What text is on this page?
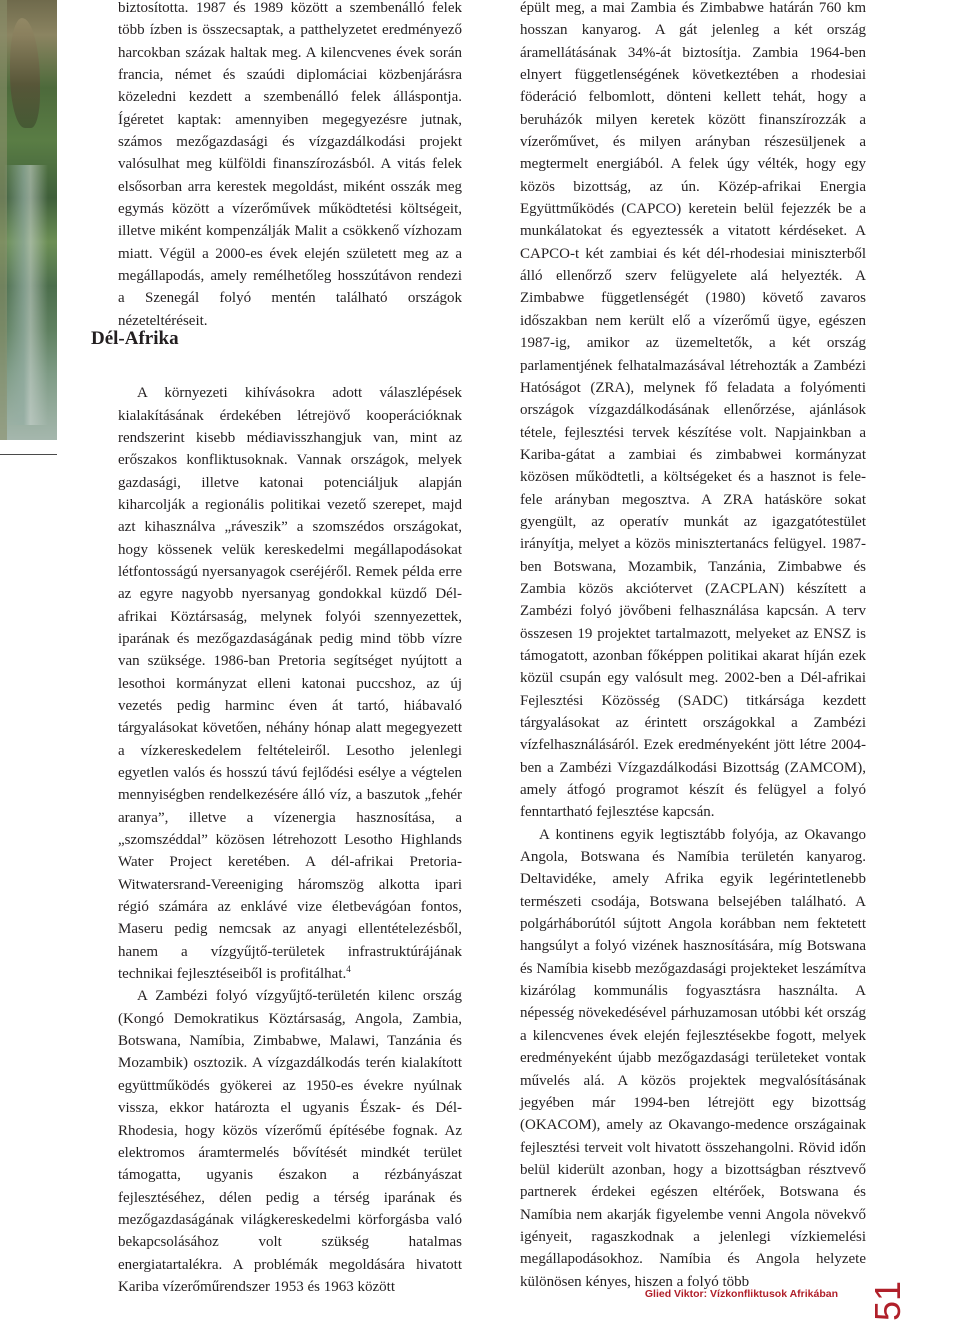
biztosította. 1987 és 1989 között a szembenálló felek több ízben is összecsaptak, a patthelyzetet eredményező harcokban százak haltak meg. A kilencvenes évek során francia, német és szaúdi diplomáciai közbenjárásra közeledni kezdett a szembenálló felek álláspontja. Ígéretet kaptak: amennyiben megegyezésre jutnak, számos mezőgazdasági és vízgazdálkodási projekt valósulhat meg külföldi finanszírozásból. A vitás felek elsősorban arra kerestek megoldást, miként osszák meg egymás között a vízerőművek működtetési költségeit, illetve miként kompenzálják Malit a csökkenő vízhozam miatt. Végül a 2000-es évek elején született meg az a megállapodás, amely remélhetőleg hosszútávon rendezi a Szenegál folyó mentén található országok nézeteltéréseit.

A környezeti kihívásokra adott válaszlépések kialakításának érdekében létrejövő kooperációknak rendszerint kisebb médiavisszhangjuk van, mint az erőszakos konfliktusoknak. Vannak országok, melyek gazdasági, illetve katonai potenciáljuk alapján kiharcolják a regionális politikai vezető szerepet, majd azt kihasználva „ráveszik” a szomszédos országokat, hogy kössenek velük kereskedelmi megállapodásokat létfontosságú nyersanyagok cseréjéről. Remek példa erre az egyre nagyobb nyersanyag gondokkal küzdő Dél-afrikai Köztársaság, melynek folyói szennyezettek, iparának és mezőgazdaságának pedig mind több vízre van szüksége. 1986-ban Pretoria segítséget nyújtott a lesothoi kormányzat elleni katonai puccshoz, az új vezetés pedig harminc éven át tartó, hiábavaló tárgyalásokat követően, néhány hónap alatt megegyezett a vízkereskedelem feltételeiről. Lesotho jelenlegi egyetlen valós és hosszú távú fejlődési esélye a végtelen mennyiségben rendelkezésére álló víz, a baszutok „fehér aranya”, illetve a vízenergia hasznosítása, a „szomszéddal” közösen létrehozott Lesotho Highlands Water Project keretében. A dél-afrikai Pretoria-Witwatersrand-Vereeniging háromszög alkotta ipari régió számára az enklávé vize életbevágóan fontos, Maseru pedig nemcsak az anyagi ellentételezésből, hanem a vízgyűjtő-területek infrastruktúrájának technikai fejlesztéseiből is profitálhat.$^4$

A Zambézi folyó vízgyűjtő-területén kilenc ország (Kongó Demokratikus Köztársaság, Angola, Zambia, Botswana, Namíbia, Zimbabwe, Malawi, Tanzánia és Mozambik) osztozik. A vízgazdálkodás terén kialakított együttműködés gyökerei az 1950-es évekre nyúlnak vissza, ekkor határozta el ugyanis Észak- és Dél-Rhodesia, hogy közös vízerőmű építésébe fognak. Az elektromos áramtermelés bővítését mindkét terület támogatta, ugyanis északon a rézbányászat fejlesztéséhez, délen pedig a térség iparának és mezőgazdaságának világkereskedelmi körforgásba való bekapcsolásához volt szükség hatalmas energiatartalékra. A problémák megoldására hivatott Kariba vízerőműrendszer 1953 és 1963 között

Dél-Afrika

épült meg, a mai Zambia és Zimbabwe határán 760 km hosszan kanyarog. A gát jelenleg a két ország áramellátásának 34%-át biztosítja. Zambia 1964-ben elnyert függetlenségének következtében a rhodesiai föderáció felbomlott, dönteni kellett tehát, hogy a beruházók milyen keretek között finanszírozzák a vízerőművet, és milyen arányban részesüljenek a megtermelt energiából. A felek úgy vélték, hogy egy közös bizottság, az ún. Közép-afrikai Energia Együttműködés (CAPCO) keretein belül fejezzék be a munkálatokat és egyeztessék a vitatott kérdéseket. A CAPCO-t két zambiai és két dél-rhodesiai miniszterből álló ellenőrző szerv felügyelete alá helyezték. A Zimbabwe függetlenségét (1980) követő zavaros időszakban nem került elő a vízerőmű ügye, egészen 1987-ig, amikor az üzemeltetők, a két ország parlamentjének felhatalmazásával létrehozták a Zambézi Hatóságot (ZRA), melynek fő feladata a folyómenti országok vízgazdálkodásának ellenőrzése, ajánlások tétele, fejlesztési tervek készítése volt. Napjainkban a Kariba-gátat a zambiai és zimbabwei kormányzat közösen működtetli, a költségeket és a hasznot is fele-fele arányban megosztva. A ZRA hatásköre sokat gyengült, az operatív munkát az igazgatótestület irányítja, melyet a közös minisztertanács felügyel. 1987-ben Botswana, Mozambik, Tanzánia, Zimbabwe és Zambia közös akciótervet (ZACPLAN) készített a Zambézi folyó jövőbeni felhasználása kapcsán. A terv összesen 19 projektet tartalmazott, melyeket az ENSZ is támogatott, azonban főképpen politikai akarat híján ezek közül csupán egy valósult meg. 2002-ben a Dél-afrikai Fejlesztési Közösség (SADC) titkársága kezdett tárgyalásokat az érintett országokkal a Zambézi vízfelhasználásáról. Ezek eredményeként jött létre 2004-ben a Zambézi Vízgazdálkodási Bizottság (ZAMCOM), amely átfogó programot készít és felügyel a folyó fenntartható fejlesztése kapcsán.

A kontinens egyik legtisztább folyója, az Okavango Angola, Botswana és Namíbia területén kanyarog. Deltavidéke, amely Afrika egyik legérintetlenebb természeti csodája, Botswana belsejében található. A polgárháborútól sújtott Angola korábban nem fektetett hangsúlyt a folyó vizének hasznosítására, míg Botswana és Namíbia kisebb mezőgazdasági projekteket leszámítva kizárólag kommunális fogyasztásra használta. A népesség növekedésével párhuzamosan utóbbi két ország a kilencvenes évek elején fejlesztésekbe fogott, melyek eredményeként újabb mezőgazdasági területeket vontak művelés alá. A közös projektek megvalósításának jegyében már 1994-ben létrejött egy bizottság (OKACOM), amely az Okavango-medence országainak fejlesztési terveit volt hivatott összehangolni. Rövid időn belül kiderült azonban, hogy a bizottságban résztvevő partnerek érdekei egészen eltérőek, Botswana és Namíbia nem akarják figyelembe venni Angola növekvő igényeit, ragaszkodnak a jelenlegi vízkiemelési megállapodásokhoz. Namíbia és Angola helyzete különösen kényes, hiszen a folyó több

Glied Viktor: Vízkonfliktusok Afrikában 51
